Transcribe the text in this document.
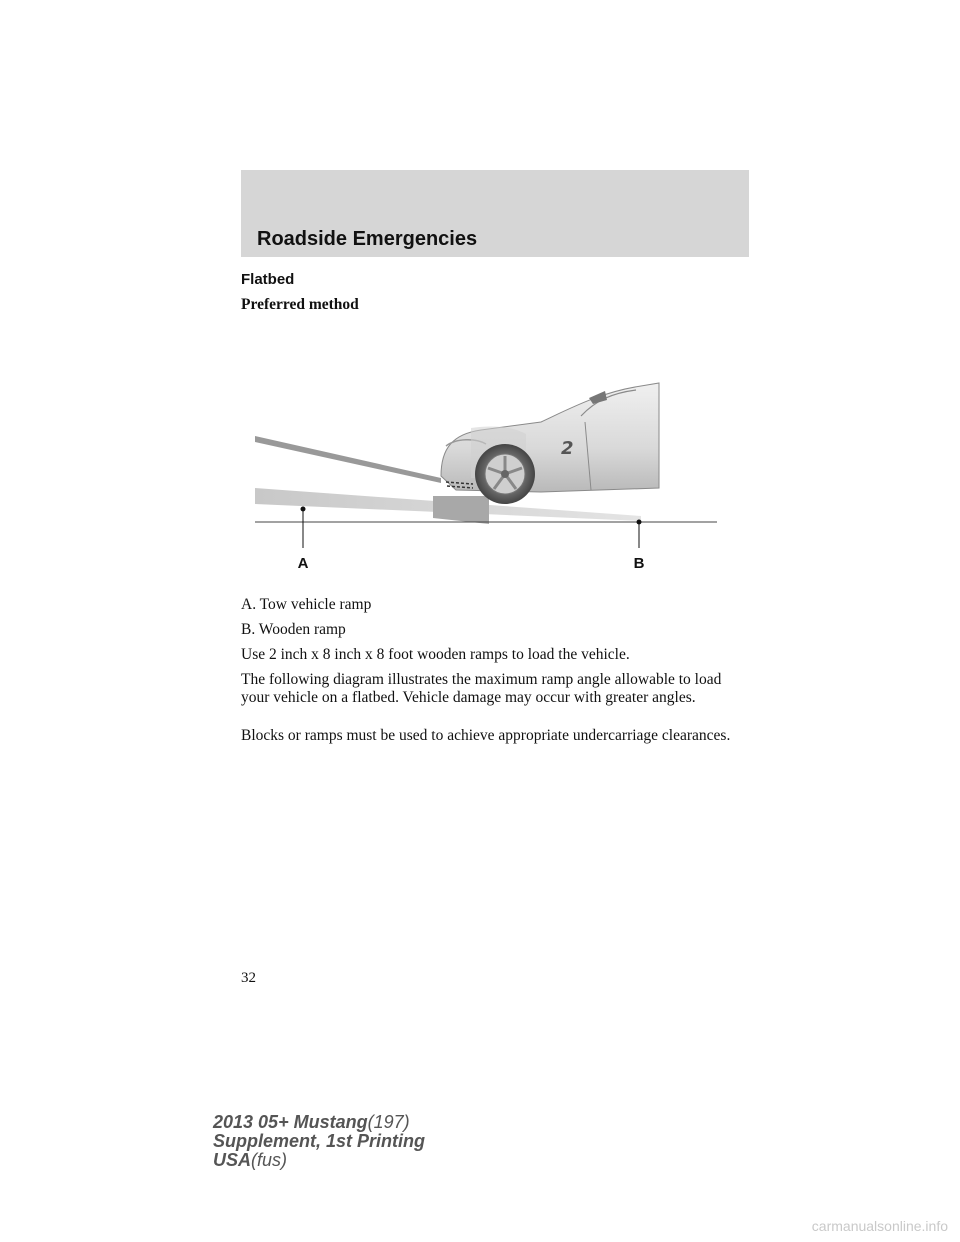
Roadside Emergencies
Flatbed
Preferred method
2
A	B
A. Tow vehicle ramp
B. Wooden ramp
Use 2 inch x 8 inch x 8 foot wooden ramps to load the vehicle.
The following diagram illustrates the maximum ramp angle allowable to load your vehicle on a flatbed. Vehicle damage may occur with greater angles.
Blocks or ramps must be used to achieve appropriate undercarriage clearances.
32
2013 05+ Mustang(197)
Supplement, 1st Printing
USA(fus)
carmanualsonline.info
